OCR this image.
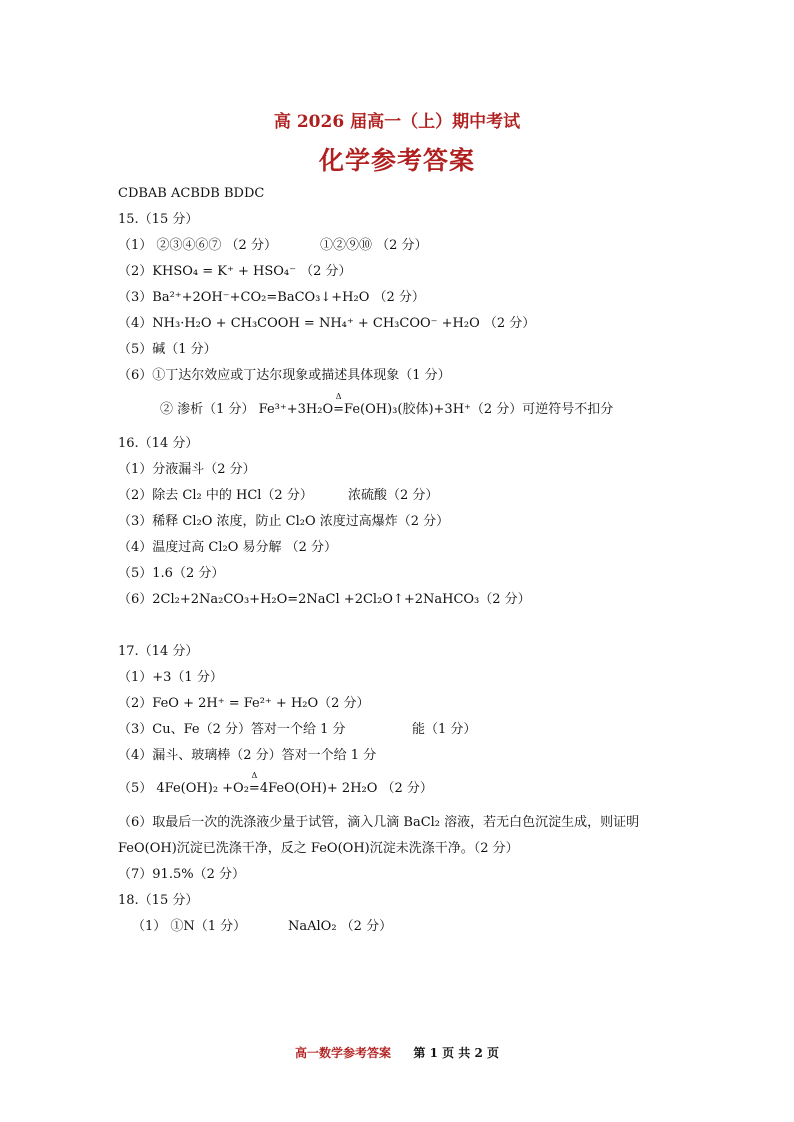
高 2026 届高一（上）期中考试
化学参考答案
CDBAB ACBDB BDDC
15.（15 分）
（1） ②③④⑥⑦ （2 分）	①②⑨⑩ （2 分）
（2）KHSO₄ = K⁺ + HSO₄⁻ （2 分）
（3）Ba²⁺+2OH⁻+CO₂=BaCO₃↓+H₂O （2 分）
（4）NH₃·H₂O + CH₃COOH = NH₄⁺ + CH₃COO⁻ +H₂O （2 分）
（5）碱（1 分）
（6）①丁达尔效应或丁达尔现象或描述具体现象（1 分）
② 渗析（1 分） Fe³⁺+3H₂O
Δ
=Fe(OH)₃(胶体)+3H⁺（2 分）可逆符号不扣分
16.（14 分）
（1）分液漏斗（2 分）
（2）除去 Cl₂ 中的 HCl（2 分）	浓硫酸（2 分）
（3）稀释 Cl₂O 浓度，防止 Cl₂O 浓度过高爆炸（2 分）
（4）温度过高 Cl₂O 易分解 （2 分）
（5）1.6（2 分）
（6）2Cl₂+2Na₂CO₃+H₂O=2NaCl +2Cl₂O↑+2NaHCO₃（2 分）
17.（14 分）
（1）+3（1 分）
（2）FeO + 2H⁺ = Fe²⁺ + H₂O（2 分）
（3）Cu、Fe（2 分）答对一个给 1 分	能（1 分）
（4）漏斗、玻璃棒（2 分）答对一个给 1 分
（5） 4Fe(OH)₂ +O₂
Δ
=4FeO(OH)+ 2H₂O （2 分）
（6）取最后一次的洗涤液少量于试管，滴入几滴 BaCl₂ 溶液，若无白色沉淀生成，则证明
FeO(OH)沉淀已洗涤干净，反之 FeO(OH)沉淀未洗涤干净。（2 分）
（7）91.5%（2 分）
18.（15 分）
（1） ①N（1 分）	NaAlO₂ （2 分）
高一数学参考答案 第 1 页 共 2 页
